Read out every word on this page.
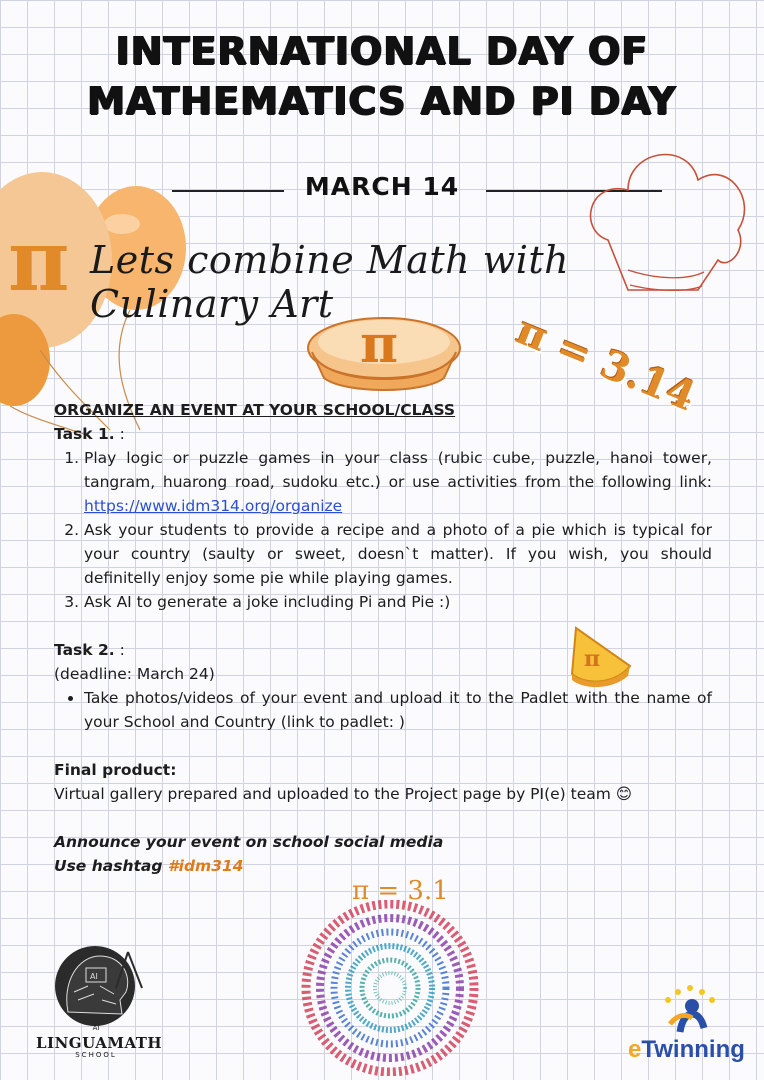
INTERNATIONAL DAY OF
MATHEMATICS AND PI DAY
MARCH 14
π Lets combine Math with Culinary Art
π	π = 3.14
ORGANIZE AN EVENT AT YOUR SCHOOL/CLASS
Task 1. :
1. Play logic or puzzle games in your class (rubic cube, puzzle, hanoi tower, tangram, huarong road, sudoku etc.) or use activities from the following link: https://www.idm314.org/organize
2. Ask your students to provide a recipe and a photo of a pie which is typical for your country (saulty or sweet, doesn`t matter). If you wish, you should definitelly enjoy some pie while playing games.
3. Ask AI to generate a joke including Pi and Pie :)
Task 2. :
(deadline: March 24)
• Take photos/videos of your event and upload it to the Padlet with the name of your School and Country (link to padlet: )
Final product:
Virtual gallery prepared and uploaded to the Project page by PI(e) team 😊
Announce your event on school social media
Use hashtag #idm314
π
π = 3.1
AI
AI
LINGUAMATH
SCHOOL	eTwinning
